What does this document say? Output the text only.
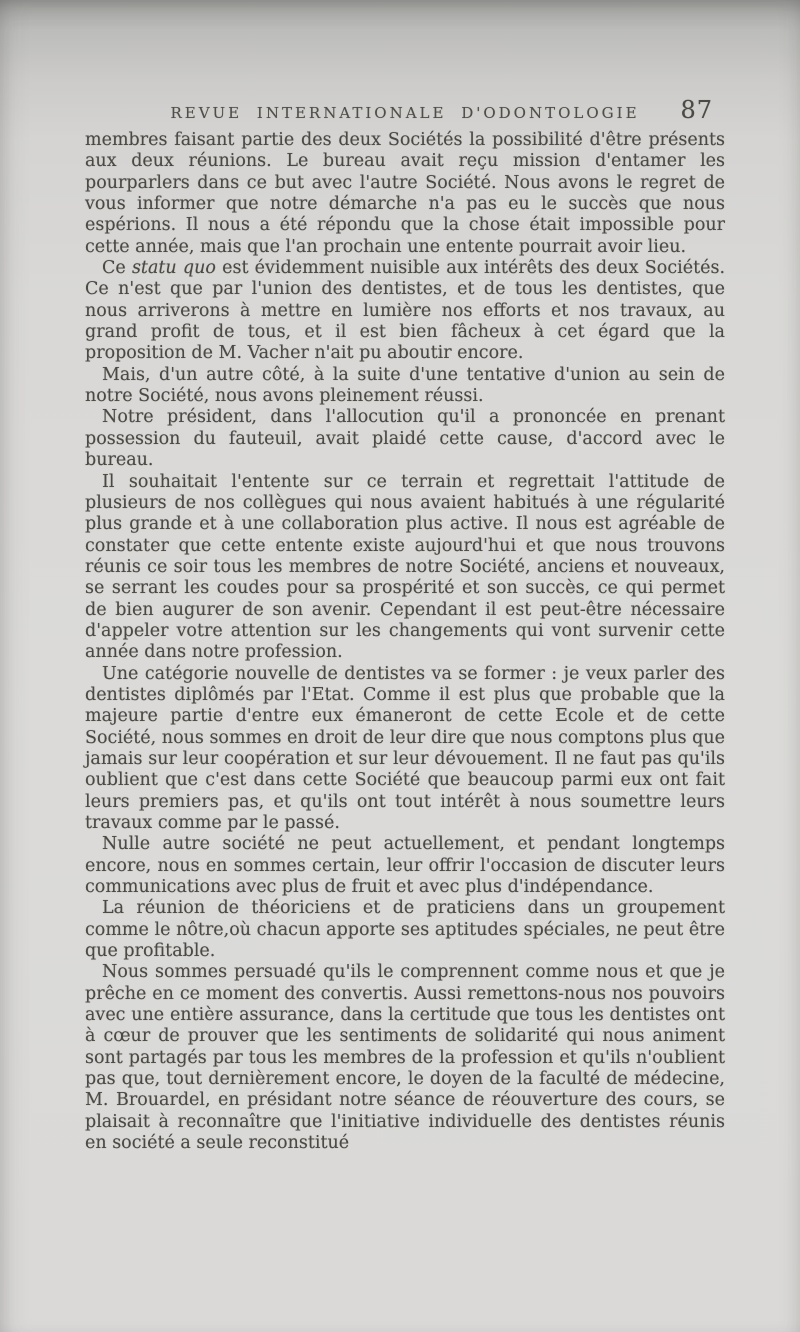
REVUE INTERNATIONALE D'ODONTOLOGIE	87

membres faisant partie des deux Sociétés la possibilité d'être présents aux deux réunions. Le bureau avait reçu mission d'entamer les pourparlers dans ce but avec l'autre Société. Nous avons le regret de vous informer que notre démarche n'a pas eu le succès que nous espérions. Il nous a été répondu que la chose était impossible pour cette année, mais que l'an prochain une entente pourrait avoir lieu.

Ce statu quo est évidemment nuisible aux intérêts des deux Sociétés. Ce n'est que par l'union des dentistes, et de tous les dentistes, que nous arriverons à mettre en lumière nos efforts et nos travaux, au grand profit de tous, et il est bien fâcheux à cet égard que la proposition de M. Vacher n'ait pu aboutir encore.

Mais, d'un autre côté, à la suite d'une tentative d'union au sein de notre Société, nous avons pleinement réussi.

Notre président, dans l'allocution qu'il a prononcée en prenant possession du fauteuil, avait plaidé cette cause, d'accord avec le bureau.

Il souhaitait l'entente sur ce terrain et regrettait l'attitude de plusieurs de nos collègues qui nous avaient habitués à une régularité plus grande et à une collaboration plus active. Il nous est agréable de constater que cette entente existe aujourd'hui et que nous trouvons réunis ce soir tous les membres de notre Société, anciens et nouveaux, se serrant les coudes pour sa prospérité et son succès, ce qui permet de bien augurer de son avenir. Cependant il est peut-être nécessaire d'appeler votre attention sur les changements qui vont survenir cette année dans notre profession.

Une catégorie nouvelle de dentistes va se former : je veux parler des dentistes diplômés par l'Etat. Comme il est plus que probable que la majeure partie d'entre eux émaneront de cette Ecole et de cette Société, nous sommes en droit de leur dire que nous comptons plus que jamais sur leur coopération et sur leur dévouement. Il ne faut pas qu'ils oublient que c'est dans cette Société que beaucoup parmi eux ont fait leurs premiers pas, et qu'ils ont tout intérêt à nous soumettre leurs travaux comme par le passé.

Nulle autre société ne peut actuellement, et pendant longtemps encore, nous en sommes certain, leur offrir l'occasion de discuter leurs communications avec plus de fruit et avec plus d'indépendance.

La réunion de théoriciens et de praticiens dans un groupement comme le nôtre,où chacun apporte ses aptitudes spéciales, ne peut être que profitable.

Nous sommes persuadé qu'ils le comprennent comme nous et que je prêche en ce moment des convertis. Aussi remettons-nous nos pouvoirs avec une entière assurance, dans la certitude que tous les dentistes ont à cœur de prouver que les sentiments de solidarité qui nous animent sont partagés par tous les membres de la profession et qu'ils n'oublient pas que, tout dernièrement encore, le doyen de la faculté de médecine, M. Brouardel, en présidant notre séance de réouverture des cours, se plaisait à reconnaître que l'initiative individuelle des dentistes réunis en société a seule reconstitué
